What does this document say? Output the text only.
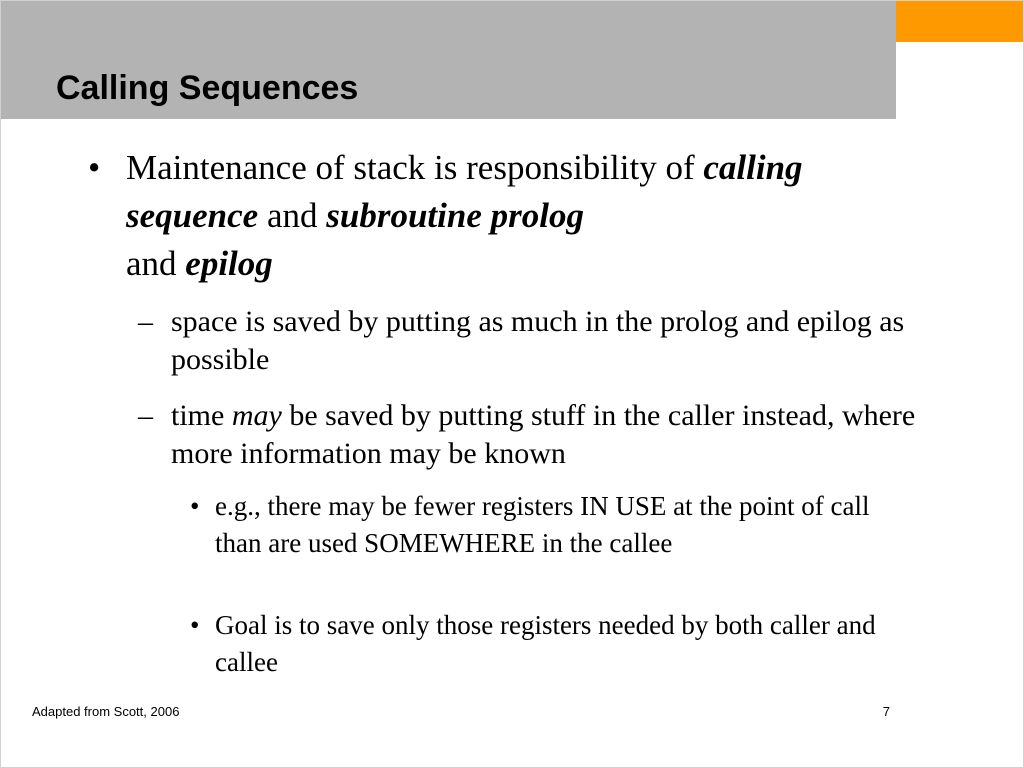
Calling Sequences
• Maintenance of stack is responsibility of calling sequence and subroutine prolog
and epilog
– space is saved by putting as much in the prolog and epilog as possible
– time may be saved by putting stuff in the caller instead, where more information may be known
• e.g., there may be fewer registers IN USE at the point of call than are used SOMEWHERE in the callee
• Goal is to save only those registers needed by both caller and callee
Adapted from Scott, 2006	7
